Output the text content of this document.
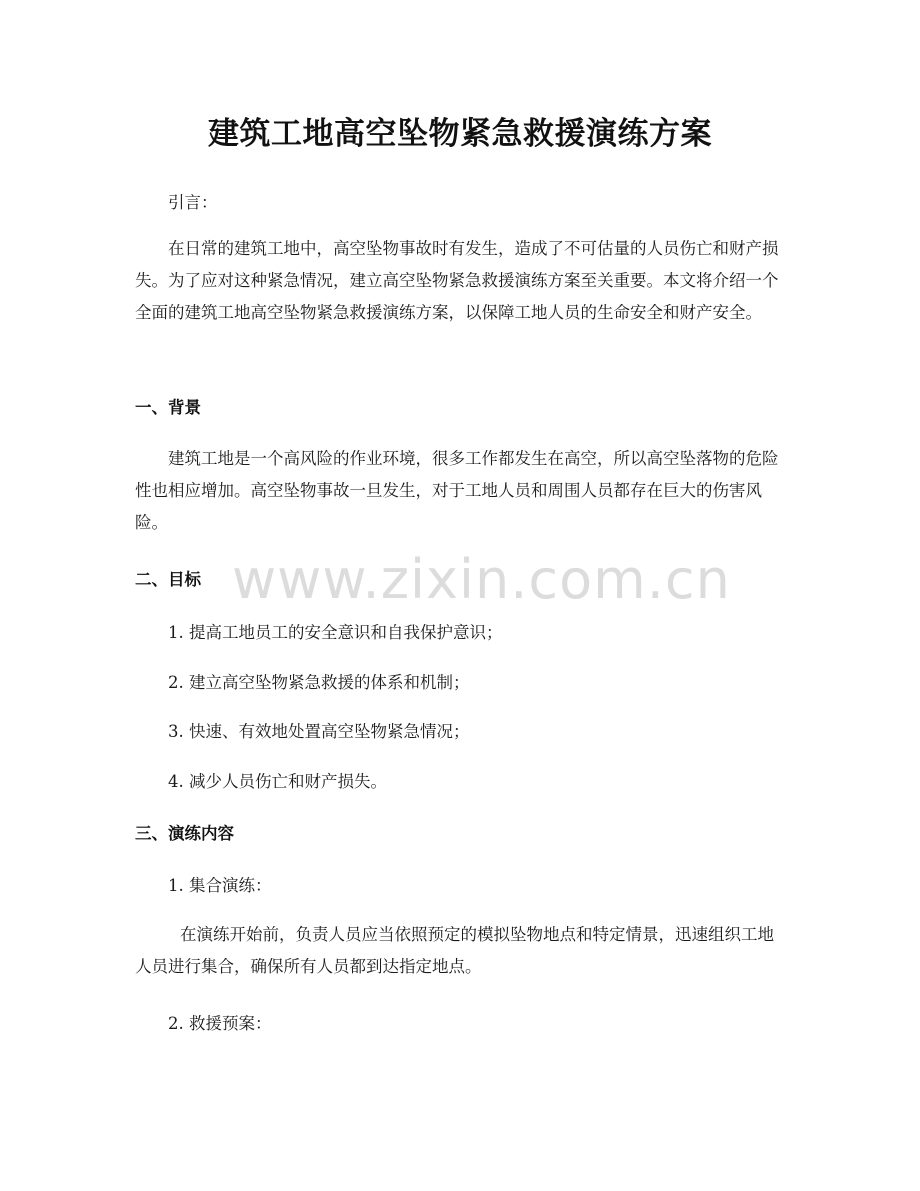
建筑工地高空坠物紧急救援演练方案

引言：

在日常的建筑工地中，高空坠物事故时有发生，造成了不可估量的人员伤亡和财产损失。为了应对这种紧急情况，建立高空坠物紧急救援演练方案至关重要。本文将介绍一个全面的建筑工地高空坠物紧急救援演练方案，以保障工地人员的生命安全和财产安全。

一、背景

建筑工地是一个高风险的作业环境，很多工作都发生在高空，所以高空坠落物的危险性也相应增加。高空坠物事故一旦发生，对于工地人员和周围人员都存在巨大的伤害风险。

二、目标

1. 提高工地员工的安全意识和自我保护意识；

2. 建立高空坠物紧急救援的体系和机制；

3. 快速、有效地处置高空坠物紧急情况；

4. 减少人员伤亡和财产损失。

三、演练内容

1. 集合演练：

在演练开始前，负责人员应当依照预定的模拟坠物地点和特定情景，迅速组织工地人员进行集合，确保所有人员都到达指定地点。

2. 救援预案：

www.zixin.com.cn
